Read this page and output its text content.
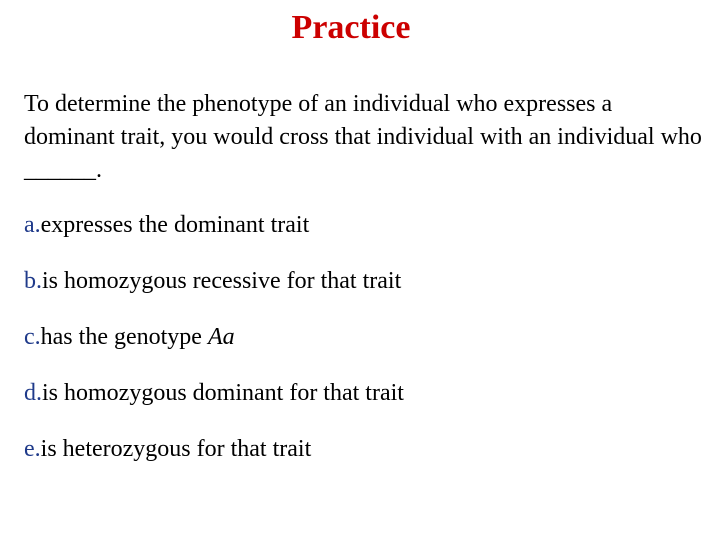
Practice
To determine the phenotype of an individual who expresses a dominant trait, you would cross that individual with an individual who ______.
a.expresses the dominant trait
b.is homozygous recessive for that trait
c.has the genotype Aa
d.is homozygous dominant for that trait
e.is heterozygous for that trait
